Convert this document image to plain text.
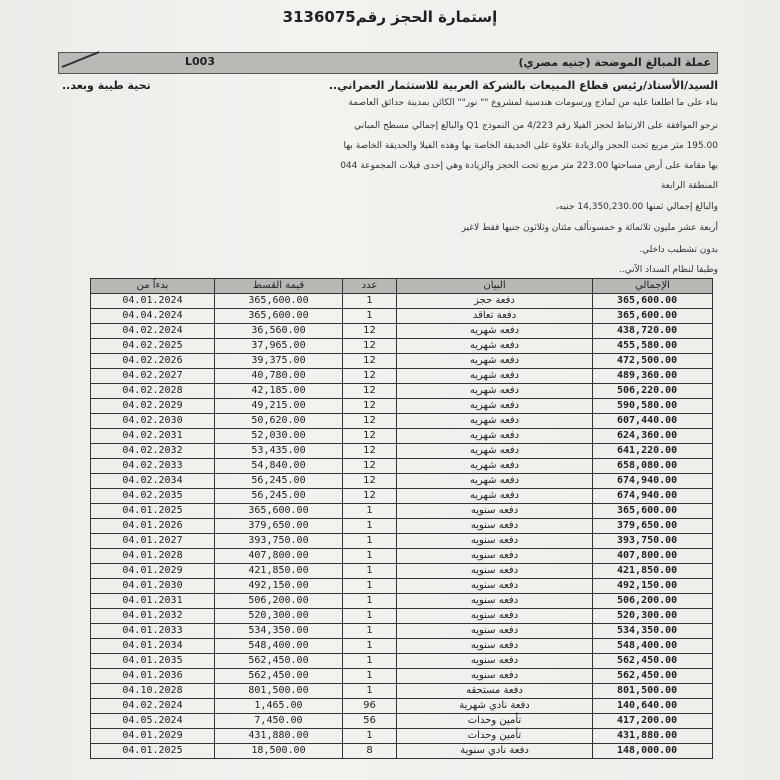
إستمارة الحجز رقم3136075
L003	عملة المبالغ الموضحة (جنيه مصري)
السيد/الأستاذ/رئيس قطاع المبيعات بالشركة العربية للاستثمار العمراني..
تحية طيبة وبعد..
بناء على ما اطلعنا عليه من لماذج ورسومات هندسية لمشروع "" نور"" الكائن بمدينة حدائق العاصمة
نرجو الموافقة على الارتباط لحجز الفيلا رقم 4/223 من النموذج Q1 والبالغ إجمالي مسطح المباني
195.00 متر مربع تحت الحجز والزيادة علاوة على الحديقة الخاصة بها وهذه الفيلا والحديقة الخاصة بها
بها مقامة على أرض مساحتها 223.00 متر مربع تحت الحجز والزيادة وهي إحدى فيلات المجموعة 044
المنطقة الرابعة
والبالغ إجمالي ثمنها 14,350,230.00 جنيه،
أربعة عشر مليون ثلاثمائة و خمسونألف مئتان وثلاثون جنيها فقط لاغير
بدون تشطيب داخلي.
وطبقا لنظام السداد الآتي..
بدءاً من	قيمة القسط	عدد	البيان	الإجمالي
04.01.2024	365,600.00	1	دفعة حجز	365,600.00
04.04.2024	365,600.00	1	دفعة تعاقد	365,600.00
04.02.2024	36,560.00	12	دفعه شهريه	438,720.00
04.02.2025	37,965.00	12	دفعه شهريه	455,580.00
04.02.2026	39,375.00	12	دفعه شهريه	472,500.00
04.02.2027	40,780.00	12	دفعه شهريه	489,360.00
04.02.2028	42,185.00	12	دفعه شهريه	506,220.00
04.02.2029	49,215.00	12	دفعه شهريه	590,580.00
04.02.2030	50,620.00	12	دفعه شهريه	607,440.00
04.02.2031	52,030.00	12	دفعه شهريه	624,360.00
04.02.2032	53,435.00	12	دفعه شهريه	641,220.00
04.02.2033	54,840.00	12	دفعه شهريه	658,080.00
04.02.2034	56,245.00	12	دفعه شهريه	674,940.00
04.02.2035	56,245.00	12	دفعه شهريه	674,940.00
04.01.2025	365,600.00	1	دفعه سنويه	365,600.00
04.01.2026	379,650.00	1	دفعه سنويه	379,650.00
04.01.2027	393,750.00	1	دفعه سنويه	393,750.00
04.01.2028	407,800.00	1	دفعه سنويه	407,800.00
04.01.2029	421,850.00	1	دفعه سنويه	421,850.00
04.01.2030	492,150.00	1	دفعه سنويه	492,150.00
04.01.2031	506,200.00	1	دفعه سنويه	506,200.00
04.01.2032	520,300.00	1	دفعه سنويه	520,300.00
04.01.2033	534,350.00	1	دفعه سنويه	534,350.00
04.01.2034	548,400.00	1	دفعه سنويه	548,400.00
04.01.2035	562,450.00	1	دفعه سنويه	562,450.00
04.01.2036	562,450.00	1	دفعه سنويه	562,450.00
04.10.2028	801,500.00	1	دفعة مستحقه	801,500.00
04.02.2024	1,465.00	96	دفعة نادي شهرية	140,640.00
04.05.2024	7,450.00	56	تأمين وحدات	417,200.00
04.01.2029	431,880.00	1	تأمين وحدات	431,880.00
04.01.2025	18,500.00	8	دفعة نادي سنوية	148,000.00
